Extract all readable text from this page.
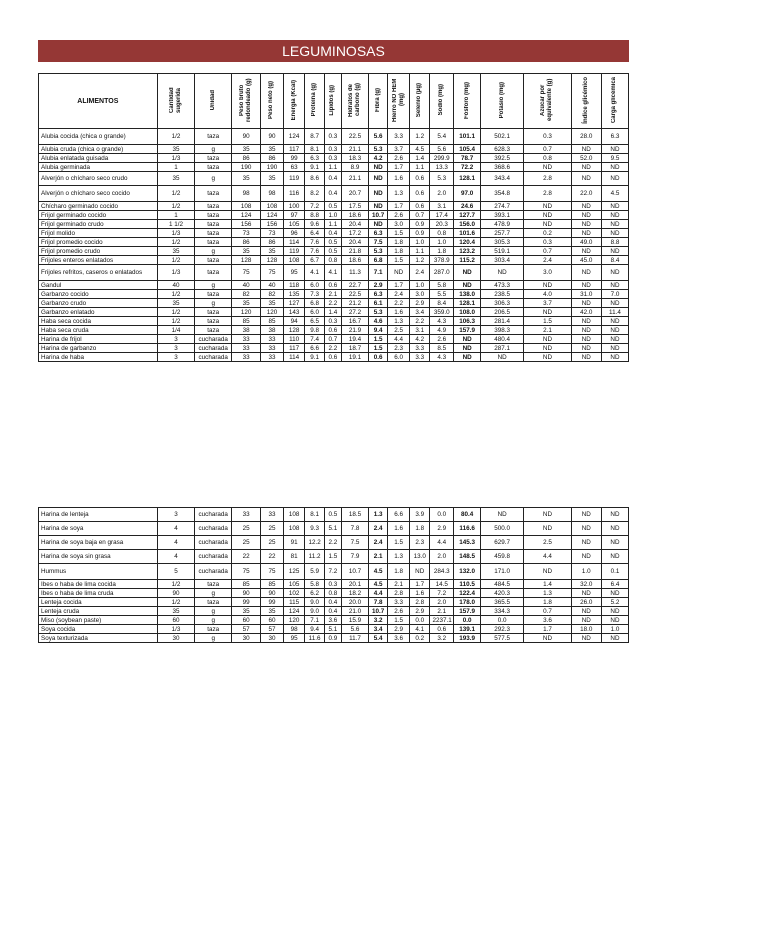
LEGUMINOSAS
ALIMENTOS	Cantidad sugerida	Unidad	Peso bruto redondeado (g)	Peso neto (g)	Energía (Kcal)	Proteína (g)	Lípidos (g)	Hidratos de carbono (g)	Fibra (g)	Hierro NO HEM (mg)	Selenio (µg)	Sodio (mg)	Fósforo (mg)	Potasio (mg)	Azúcar por equivalente (g)	Índice glicémico	Carga glicémica
Alubia cocida (chica o grande)	1/2	taza	90	90	124	8.7	0.3	22.5	5.6	3.3	1.2	5.4	101.1	502.1	0.3	28.0	6.3
Alubia cruda (chica o grande)	35	g	35	35	117	8.1	0.3	21.1	5.3	3.7	4.5	5.6	105.4	628.3	0.7	ND	ND
Alubia enlatada guisada	1/3	taza	86	86	99	6.3	0.3	18.3	4.2	2.6	1.4	299.9	78.7	392.5	0.8	52.0	9.5
Alubia germinada	1	taza	190	190	63	9.1	1.1	8.9	ND	1.7	1.1	13.3	72.2	368.6	ND	ND	ND
Alverjón o chícharo seco crudo	35	g	35	35	119	8.6	0.4	21.1	ND	1.6	0.6	5.3	128.1	343.4	2.8	ND	ND
Alverjón o chícharo seco cocido	1/2	taza	98	98	116	8.2	0.4	20.7	ND	1.3	0.6	2.0	97.0	354.8	2.8	22.0	4.5
Chícharo germinado cocido	1/2	taza	108	108	100	7.2	0.5	17.5	ND	1.7	0.6	3.1	24.6	274.7	ND	ND	ND
Frijol germinado cocido	1	taza	124	124	97	8.8	1.0	18.6	10.7	2.6	0.7	17.4	127.7	393.1	ND	ND	ND
Frijol germinado crudo	1 1/2	taza	156	156	105	9.6	1.1	20.4	ND	3.0	0.9	20.3	156.0	478.9	ND	ND	ND
Frijol molido	1/3	taza	73	73	96	6.4	0.4	17.2	6.3	1.5	0.9	0.8	101.6	257.7	0.2	ND	ND
Frijol promedio cocido	1/2	taza	86	86	114	7.6	0.5	20.4	7.5	1.8	1.0	1.0	120.4	305.3	0.3	49.0	8.8
Frijol promedio crudo	35	g	35	35	119	7.6	0.5	21.8	5.3	1.8	1.1	1.8	123.2	519.1	0.7	ND	ND
Frijoles enteros enlatados	1/2	taza	128	128	108	6.7	0.8	18.6	6.8	1.5	1.2	378.9	115.2	303.4	2.4	45.0	8.4
Frijoles refritos, caseros o enlatados	1/3	taza	75	75	95	4.1	4.1	11.3	7.1	ND	2.4	287.0	ND	ND	3.0	ND	ND
Gandul	40	g	40	40	118	6.0	0.6	22.7	2.9	1.7	1.0	5.8	ND	473.3	ND	ND	ND
Garbanzo cocido	1/2	taza	82	82	135	7.3	2.1	22.5	6.3	2.4	3.0	5.5	138.0	238.5	4.0	31.0	7.0
Garbanzo crudo	35	g	35	35	127	6.8	2.2	21.2	6.1	2.2	2.9	8.4	128.1	306.3	3.7	ND	ND
Garbanzo enlatado	1/2	taza	120	120	143	6.0	1.4	27.2	5.3	1.6	3.4	359.0	108.0	206.5	ND	42.0	11.4
Haba seca cocida	1/2	taza	85	85	94	6.5	0.3	16.7	4.6	1.3	2.2	4.3	106.3	281.4	1.5	ND	ND
Haba seca cruda	1/4	taza	38	38	128	9.8	0.6	21.9	9.4	2.5	3.1	4.9	157.9	398.3	2.1	ND	ND
Harina de frijol	3	cucharada	33	33	110	7.4	0.7	19.4	1.5	4.4	4.2	2.6	ND	480.4	ND	ND	ND
Harina de garbanzo	3	cucharada	33	33	117	6.6	2.2	18.7	1.5	2.3	3.3	8.5	ND	287.1	ND	ND	ND
Harina de haba	3	cucharada	33	33	114	9.1	0.6	19.1	0.6	6.0	3.3	4.3	ND	ND	ND	ND	ND
Harina de lenteja	3	cucharada	33	33	108	8.1	0.5	18.5	1.3	6.6	3.9	0.0	80.4	ND	ND	ND	ND
Harina de soya	4	cucharada	25	25	108	9.3	5.1	7.8	2.4	1.6	1.8	2.9	116.6	500.0	ND	ND	ND
Harina de soya baja en grasa	4	cucharada	25	25	91	12.2	2.2	7.5	2.4	1.5	2.3	4.4	145.3	629.7	2.5	ND	ND
Harina de soya sin grasa	4	cucharada	22	22	81	11.2	1.5	7.9	2.1	1.3	13.0	2.0	148.5	459.8	4.4	ND	ND
Hummus	5	cucharada	75	75	125	5.9	7.2	10.7	4.5	1.8	ND	284.3	132.0	171.0	ND	1.0	0.1
Ibes o haba de lima cocida	1/2	taza	85	85	105	5.8	0.3	20.1	4.5	2.1	1.7	14.5	110.5	484.5	1.4	32.0	6.4
Ibes o haba de lima cruda	90	g	90	90	102	6.2	0.8	18.2	4.4	2.8	1.6	7.2	122.4	420.3	1.3	ND	ND
Lenteja cocida	1/2	taza	99	99	115	9.0	0.4	20.0	7.8	3.3	2.8	2.0	178.0	365.5	1.8	26.0	5.2
Lenteja cruda	35	g	35	35	124	9.0	0.4	21.0	10.7	2.6	2.9	2.1	157.9	334.3	0.7	ND	ND
Miso (soybean paste)	60	g	60	60	120	7.1	3.6	15.9	3.2	1.5	0.0	2237.1	0.0	0.0	3.6	ND	ND
Soya cocida	1/3	taza	57	57	98	9.4	5.1	5.6	3.4	2.9	4.1	0.6	139.1	292.3	1.7	18.0	1.0
Soya texturizada	30	g	30	30	95	11.6	0.9	11.7	5.4	3.6	0.2	3.2	193.9	577.5	ND	ND	ND
